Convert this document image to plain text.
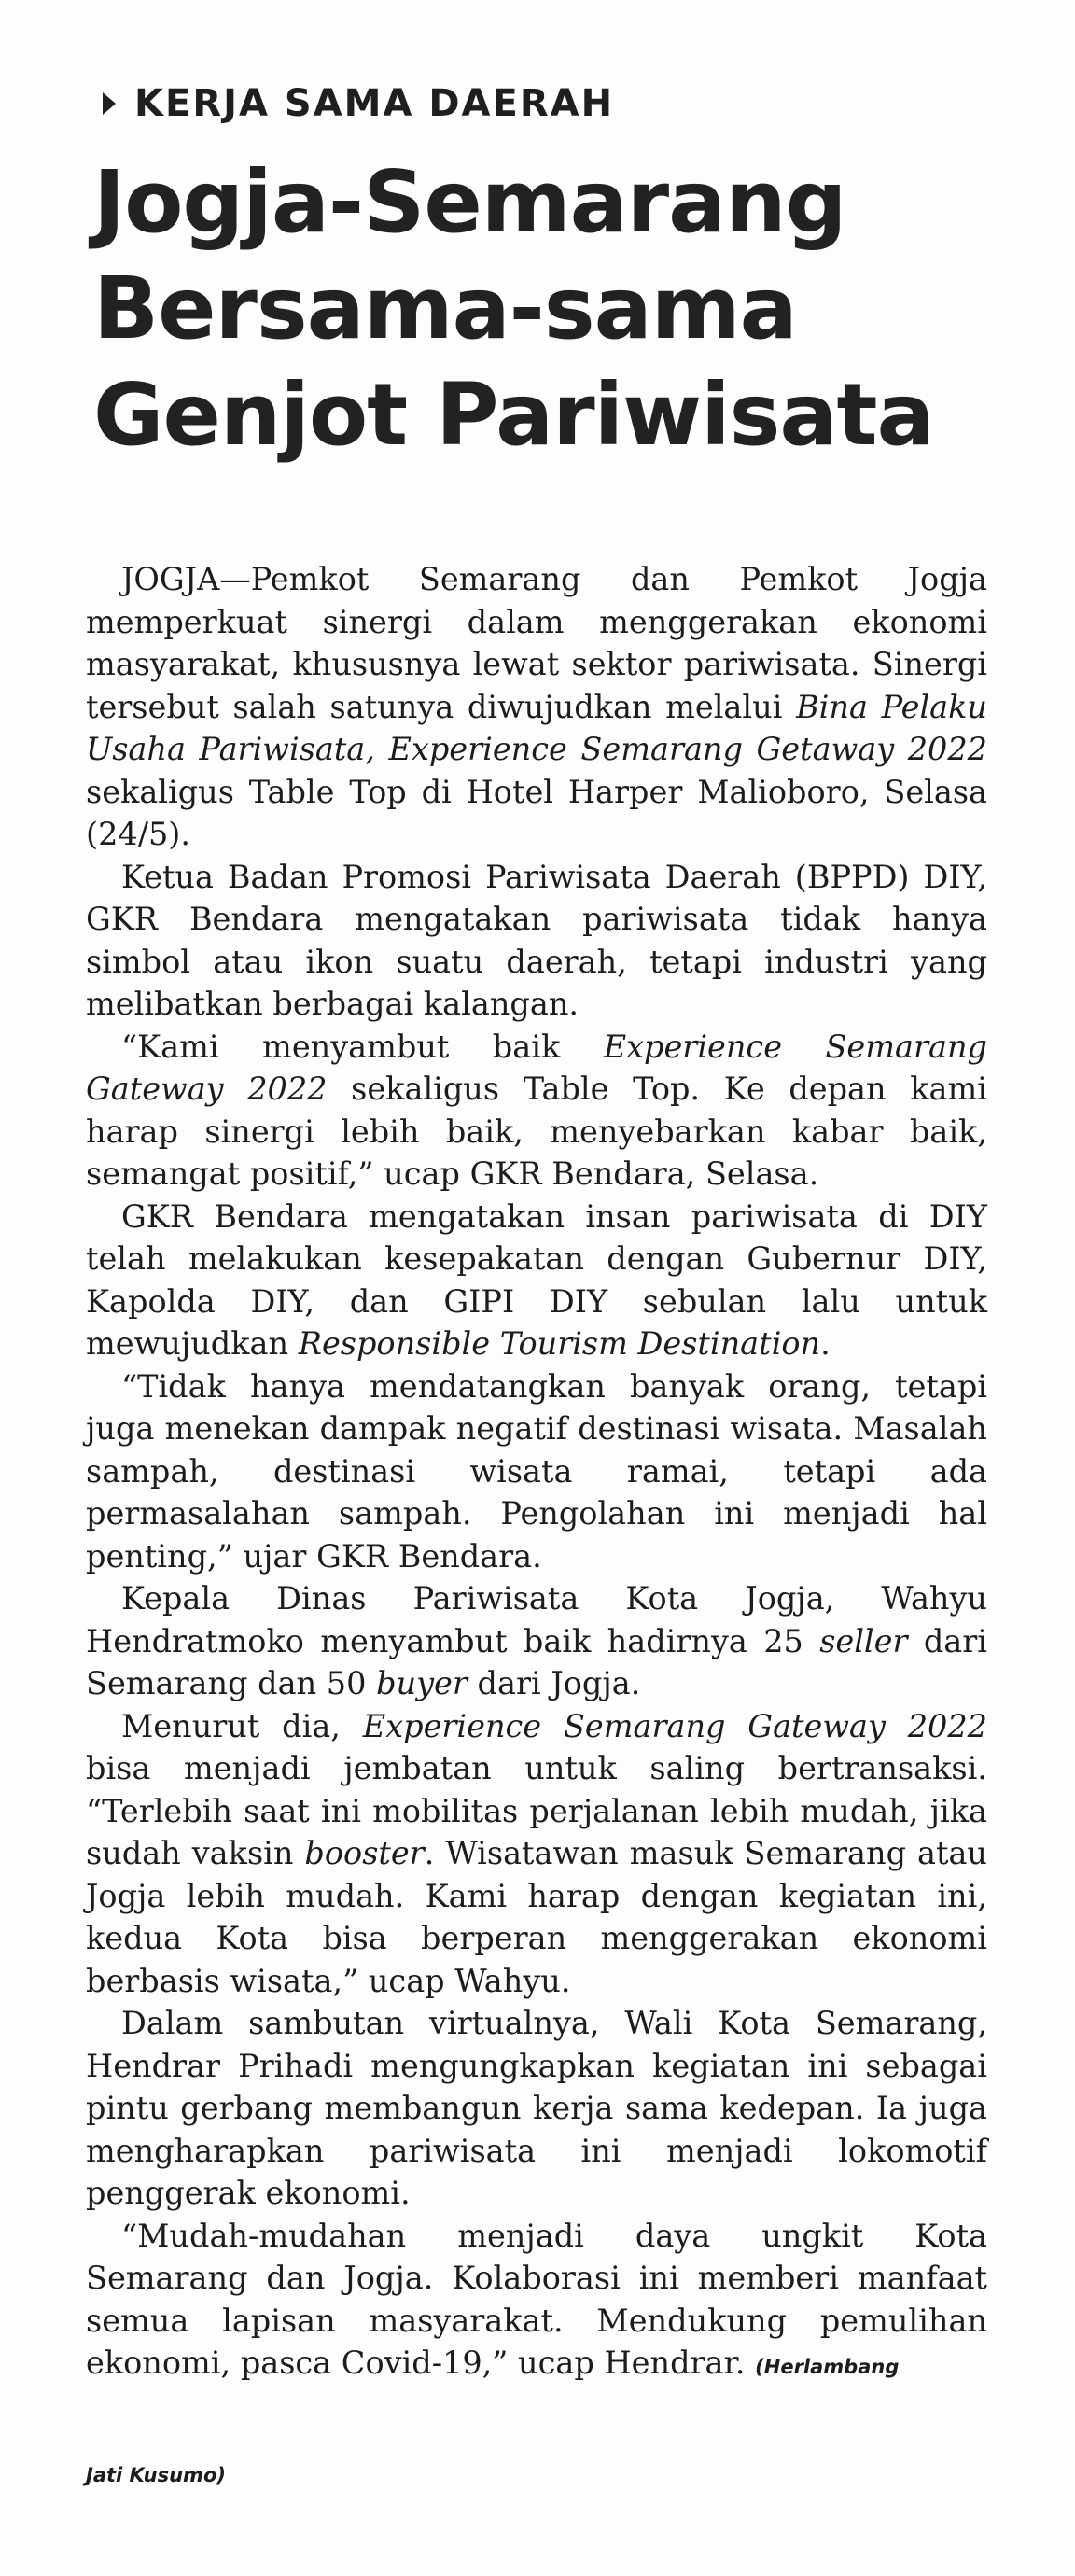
KERJA SAMA DAERAH
Jogja-Semarang
Bersama-sama
Genjot Pariwisata

JOGJA—Pemkot Semarang dan Pemkot Jogja memperkuat sinergi dalam menggerakan ekonomi masyarakat, khususnya lewat sektor pariwisata. Sinergi tersebut salah satunya diwujudkan melalui Bina Pelaku Usaha Pariwisata, Experience Semarang Getaway 2022 sekaligus Table Top di Hotel Harper Malioboro, Selasa (24/5).

Ketua Badan Promosi Pariwisata Daerah (BPPD) DIY, GKR Bendara mengatakan pariwisata tidak hanya simbol atau ikon suatu daerah, tetapi industri yang melibatkan berbagai kalangan.

“Kami menyambut baik Experience Semarang Gateway 2022 sekaligus Table Top. Ke depan kami harap sinergi lebih baik, menyebarkan kabar baik, semangat positif,” ucap GKR Bendara, Selasa.

GKR Bendara mengatakan insan pariwisata di DIY telah melakukan kesepakatan dengan Gubernur DIY, Kapolda DIY, dan GIPI DIY sebulan lalu untuk mewujudkan Responsible Tourism Destination.

“Tidak hanya mendatangkan banyak orang, tetapi juga menekan dampak negatif destinasi wisata. Masalah sampah, destinasi wisata ramai, tetapi ada permasalahan sampah. Pengolahan ini menjadi hal penting,” ujar GKR Bendara.

Kepala Dinas Pariwisata Kota Jogja, Wahyu Hendratmoko menyambut baik hadirnya 25 seller dari Semarang dan 50 buyer dari Jogja.

Menurut dia, Experience Semarang Gateway 2022 bisa menjadi jembatan untuk saling bertransaksi. “Terlebih saat ini mobilitas perjalanan lebih mudah, jika sudah vaksin booster. Wisatawan masuk Semarang atau Jogja lebih mudah. Kami harap dengan kegiatan ini, kedua Kota bisa berperan menggerakan ekonomi berbasis wisata,” ucap Wahyu.

Dalam sambutan virtualnya, Wali Kota Semarang, Hendrar Prihadi mengungkapkan kegiatan ini sebagai pintu gerbang membangun kerja sama kedepan. Ia juga mengharapkan pariwisata ini menjadi lokomotif penggerak ekonomi.

“Mudah-mudahan menjadi daya ungkit Kota Semarang dan Jogja. Kolaborasi ini memberi manfaat semua lapisan masyarakat. Mendukung pemulihan ekonomi, pasca Covid-19,” ucap Hendrar. (Herlambang

Jati Kusumo)
